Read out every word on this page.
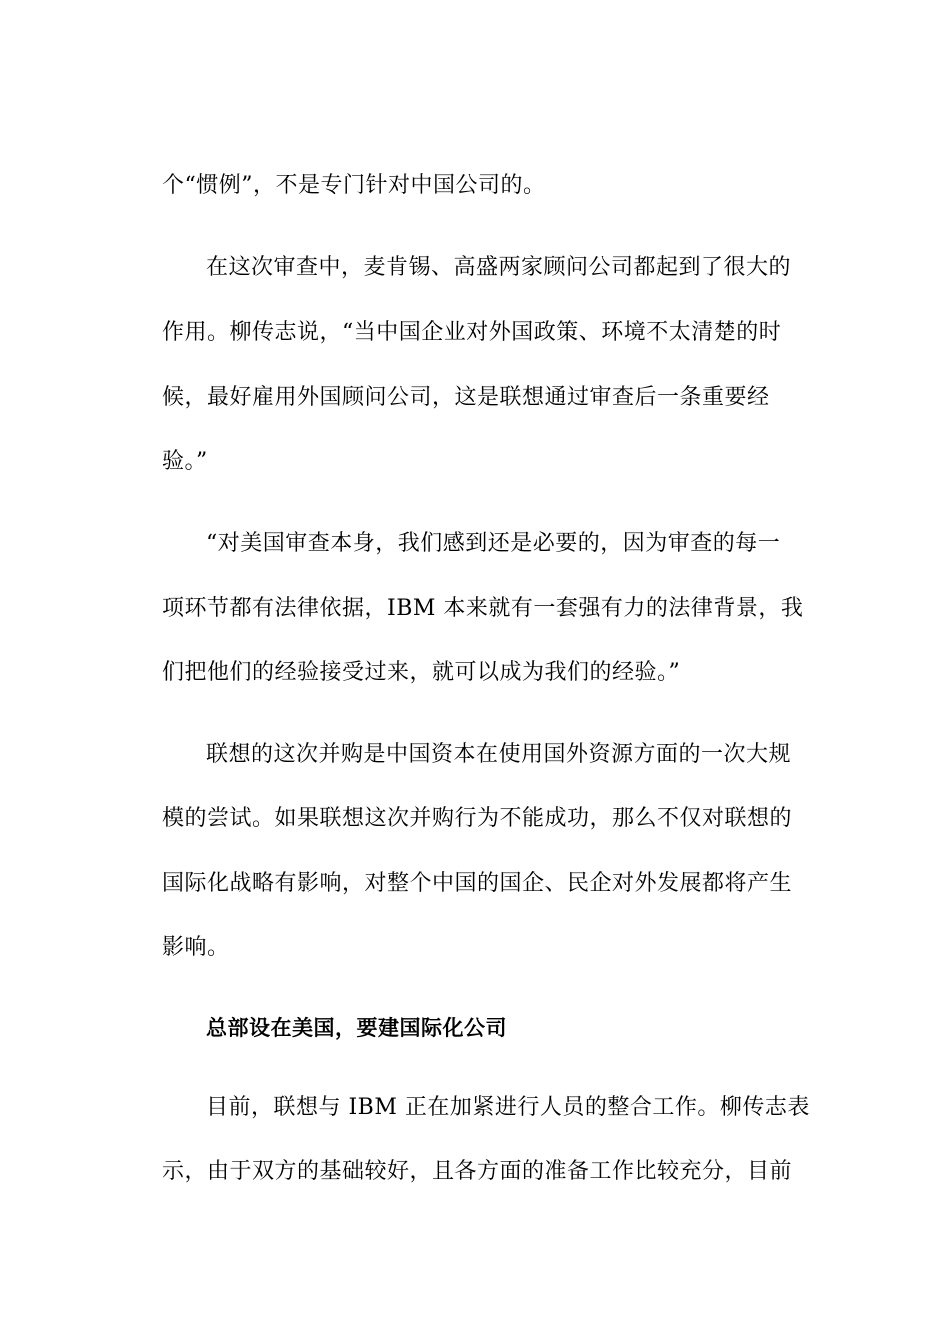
个“惯例”，不是专门针对中国公司的。
在这次审查中，麦肯锡、高盛两家顾问公司都起到了很大的
作用。柳传志说，“当中国企业对外国政策、环境不太清楚的时
候，最好雇用外国顾问公司，这是联想通过审查后一条重要经
验。”
“对美国审查本身，我们感到还是必要的，因为审查的每一
项环节都有法律依据，IBM 本来就有一套强有力的法律背景，我
们把他们的经验接受过来，就可以成为我们的经验。”
联想的这次并购是中国资本在使用国外资源方面的一次大规
模的尝试。如果联想这次并购行为不能成功，那么不仅对联想的
国际化战略有影响，对整个中国的国企、民企对外发展都将产生
影响。
总部设在美国，要建国际化公司
目前，联想与 IBM 正在加紧进行人员的整合工作。柳传志表
示，由于双方的基础较好，且各方面的准备工作比较充分，目前
